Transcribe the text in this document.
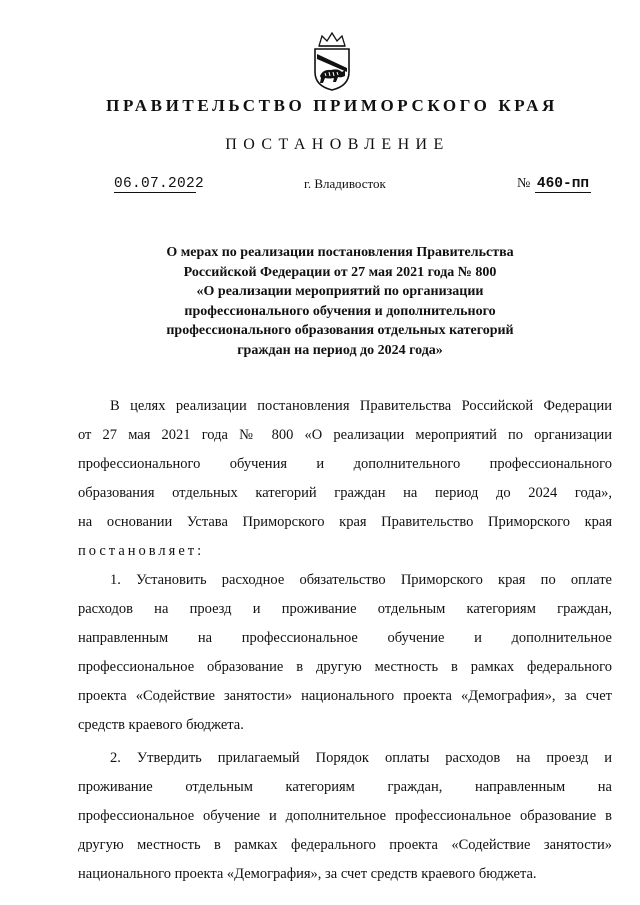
ПРАВИТЕЛЬСТВО ПРИМОРСКОГО КРАЯ
ПОСТАНОВЛЕНИЕ
06.07.2022	г. Владивосток	№ 460-пп
О мерах по реализации постановления Правительства
Российской Федерации от 27 мая 2021 года № 800
«О реализации мероприятий по организации
профессионального обучения и дополнительного
профессионального образования отдельных категорий
граждан на период до 2024 года»

В целях реализации постановления Правительства Российской Федерации
от 27 мая 2021 года № 800 «О реализации мероприятий по организации
профессионального обучения и дополнительного профессионального
образования отдельных категорий граждан на период до 2024 года»,
на основании Устава Приморского края Правительство Приморского края
постановляет:

1. Установить расходное обязательство Приморского края по оплате
расходов на проезд и проживание отдельным категориям граждан,
направленным на профессиональное обучение и дополнительное
профессиональное образование в другую местность в рамках федерального
проекта «Содействие занятости» национального проекта «Демография», за счет
средств краевого бюджета.

2. Утвердить прилагаемый Порядок оплаты расходов на проезд и
проживание отдельным категориям граждан, направленным на
профессиональное обучение и дополнительное профессиональное образование в
другую местность в рамках федерального проекта «Содействие занятости»
национального проекта «Демография», за счет средств краевого бюджета.
